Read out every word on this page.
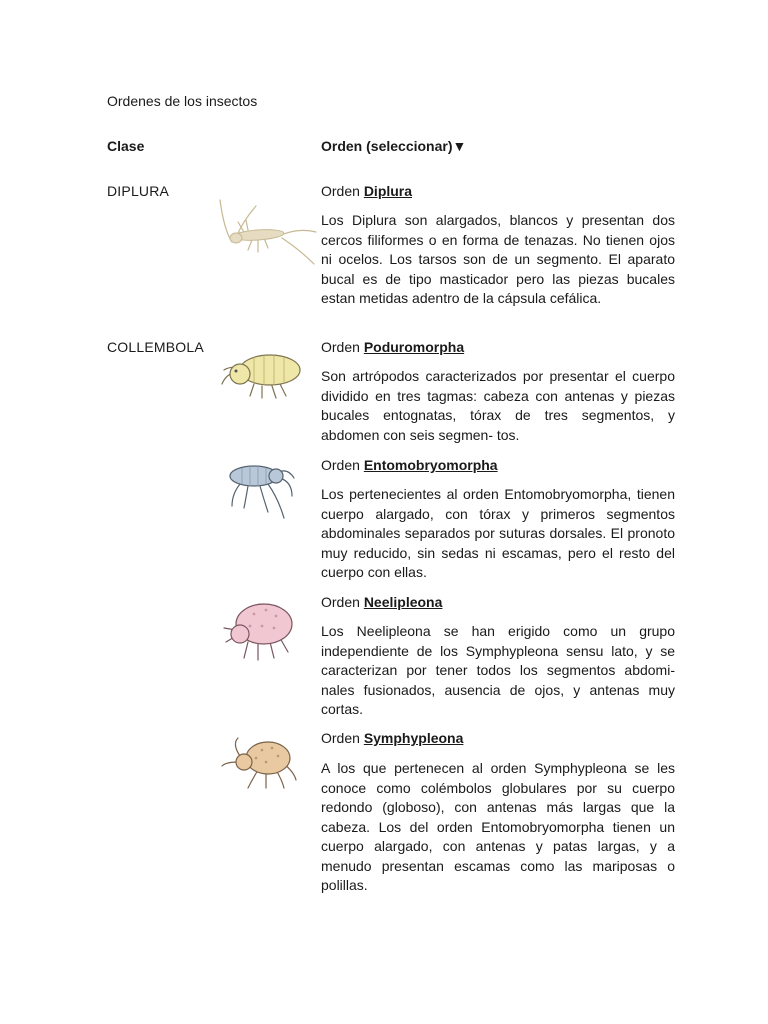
Ordenes de los insectos
Clase	Orden (seleccionar)▼
DIPLURA
COLLEMBOLA
Orden Diplura
Los Diplura son alargados, blancos y presentan dos cercos filiformes o en forma de tenazas. No tienen ojos ni ocelos. Los tarsos son de un segmento. El aparato bucal es de tipo masticador pero las piezas bucales estan metidas adentro de la cápsula cefálica.
Orden Poduromorpha
Son artrópodos caracterizados por presentar el cuerpo dividido en tres tagmas: cabeza con antenas y piezas bucales entognatas, tórax de tres segmentos, y abdomen con seis segmen- tos.
Orden Entomobryomorpha
Los pertenecientes al orden Entomobryomorpha, tienen cuerpo alargado, con tórax y primeros segmentos abdominales separados por suturas dorsales. El pronoto muy reducido, sin sedas ni escamas, pero el resto del cuerpo con ellas.
Orden Neelipleona
Los Neelipleona se han erigido como un grupo independiente de los Symphypleona sensu lato, y se caracterizan por tener todos los segmentos abdomi- nales fusionados, ausencia de ojos, y antenas muy cortas.
Orden Symphypleona
A los que pertenecen al orden Symphypleona se les conoce como colémbolos globulares por su cuerpo redondo (globoso), con antenas más largas que la cabeza. Los del orden Entomobryomorpha tienen un cuerpo alargado, con antenas y patas largas, y a menudo presentan escamas como las mariposas o polillas.
